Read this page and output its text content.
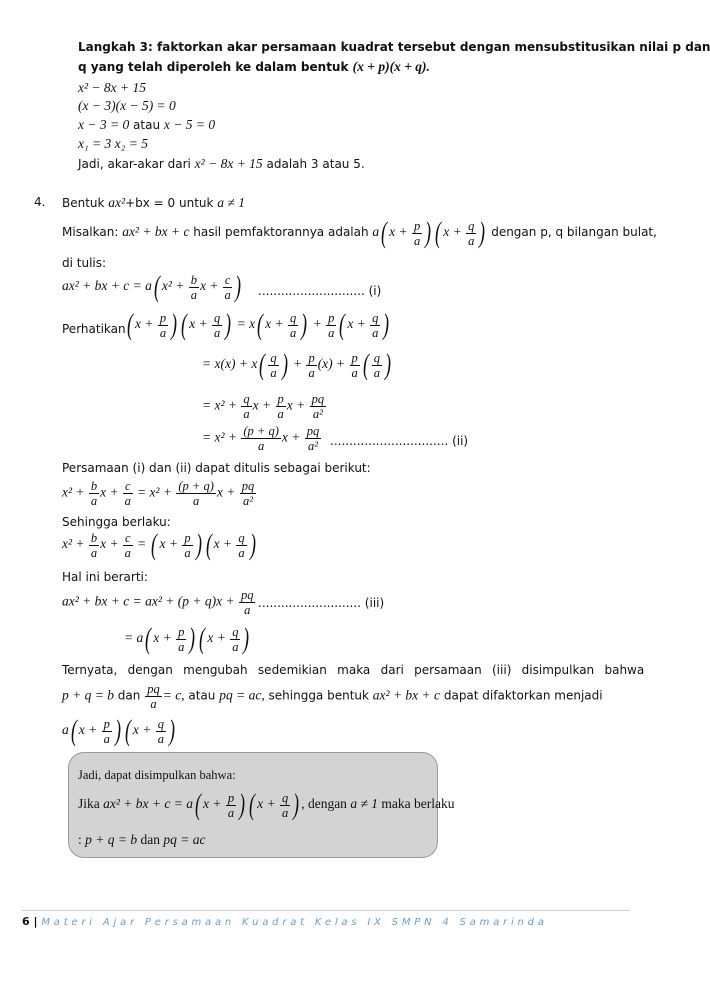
Langkah 3: faktorkan akar persamaan kuadrat tersebut dengan mensubstitusikan nilai p dan
q yang telah diperoleh ke dalam bentuk (x + p)(x + q).
x² − 8x + 15
(x − 3)(x − 5) = 0
x − 3 = 0 atau x − 5 = 0
x₁ = 3 x₂ = 5
Jadi, akar-akar dari x² − 8x + 15 adalah 3 atau 5.
4. Bentuk ax²+bx = 0 untuk a ≠ 1
Misalkan: ax² + bx + c hasil pemfaktorannya adalah a( $x + \frac{p}{a}$ ) ( $x + \frac{q}{a}$ ) dengan p, q bilangan bulat,
di tulis:
ax² + bx + c = a( $x^2 + \frac{b}{a}$ $x + \frac{c}{a}$ ) ............................ (i)
Perhatikan ( $x + \frac{p}{a}$ ) ( $x + \frac{q}{a}$ ) = x( $x + \frac{q}{a}$ ) + $\frac{p}{a}$ ( $x + \frac{q}{a}$ )
= $x(x) + x( \frac{q}{a}$ ) + $\frac{p}{a} (x) + \frac{p}{a}$ ( $\frac{q}{a}$ )
= $x^2 + \frac{q}{a}$ $x + \frac{p}{a}$ $x + \frac{pq}{\text{a²}}$
= $x^2 + \frac{(p + q)}{a}$ $x + \frac{pq}{\text{a²}}$ ............................... (ii)
Persamaan (i) dan (ii) dapat ditulis sebagai berikut:
$x^2 + \frac{b}{a}$ $x + \frac{c}{a} = x^2 + \frac{(p + q)}{a}$ $x + \frac{pq}{\text{a²}}$
Sehingga berlaku:
$x^2 + \frac{b}{a}$ $x + \frac{c}{a}$ = ( $x + \frac{p}{a}$ ) ( $x + \frac{q}{a}$ )
Hal ini berarti:
ax² + bx + $c = ax^2 + (p + q)x + \frac{pq}{a}$ ........................... (iii)
= a( $x + \frac{p}{a}$ ) ( $x + \frac{q}{a}$ )
Ternyata, dengan mengubah sedemikian maka dari persamaan (iii) disimpulkan bahwa
p + q = b dan $\frac{pq}{a} = c$, atau pq = ac, sehingga bentuk ax² + bx + c dapat difaktorkan menjadi
a( $x + \frac{p}{a}$ ) ( $x + \frac{q}{a}$ )
Jadi, dapat disimpulkan bahwa:
Jika ax² + bx + c = a( $x + \frac{p}{a}$ ) ( $x + \frac{q}{a}$ ) , dengan a ≠ 1 maka berlaku
: p + q = b dan pq = ac
6 | Materi Ajar Persamaan Kuadrat Kelas IX SMPN 4 Samarinda
